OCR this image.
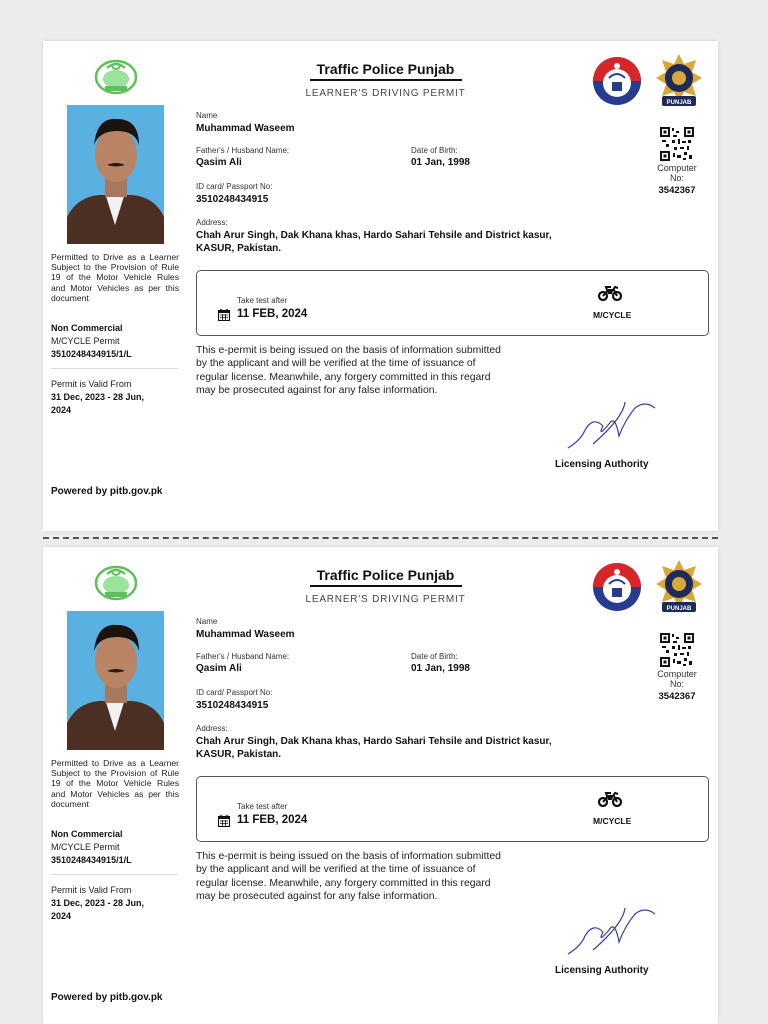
Traffic Police Punjab
LEARNER'S DRIVING PERMIT
PUNJAB
Permitted to Drive as a Learner Subject to the Provision of Rule 19 of the Motor Vehicle Rules and Motor Vehicles as per this document
Non Commercial
M/CYCLE Permit
3510248434915/1/L
Permit is Valid From
31 Dec, 2023 - 28 Jun,
2024
Name
Muhammad Waseem
Father's / Husband Name:
Qasim Ali
Date of Birth:
01 Jan, 1998
ID card/ Passport No:
3510248434915
Address:
Chah Arur Singh, Dak Khana khas, Hardo Sahari Tehsile and District kasur,
KASUR, Pakistan.
Computer
No:
3542367
Take test after
11 FEB, 2024	M/CYCLE
This e-permit is being issued on the basis of information submitted by the applicant and will be verified at the time of issuance of regular license. Meanwhile, any forgery committed in this regard may be prosecuted against for any false information.
Licensing Authority
Powered by pitb.gov.pk
Traffic Police Punjab
LEARNER'S DRIVING PERMIT
PUNJAB
Permitted to Drive as a Learner Subject to the Provision of Rule 19 of the Motor Vehicle Rules and Motor Vehicles as per this document
Non Commercial
M/CYCLE Permit
3510248434915/1/L
Permit is Valid From
31 Dec, 2023 - 28 Jun,
2024
Name
Muhammad Waseem
Father's / Husband Name:
Qasim Ali
Date of Birth:
01 Jan, 1998
ID card/ Passport No:
3510248434915
Address:
Chah Arur Singh, Dak Khana khas, Hardo Sahari Tehsile and District kasur,
KASUR, Pakistan.
Computer
No:
3542367
Take test after
11 FEB, 2024	M/CYCLE
This e-permit is being issued on the basis of information submitted by the applicant and will be verified at the time of issuance of regular license. Meanwhile, any forgery committed in this regard may be prosecuted against for any false information.
Licensing Authority
Powered by pitb.gov.pk
